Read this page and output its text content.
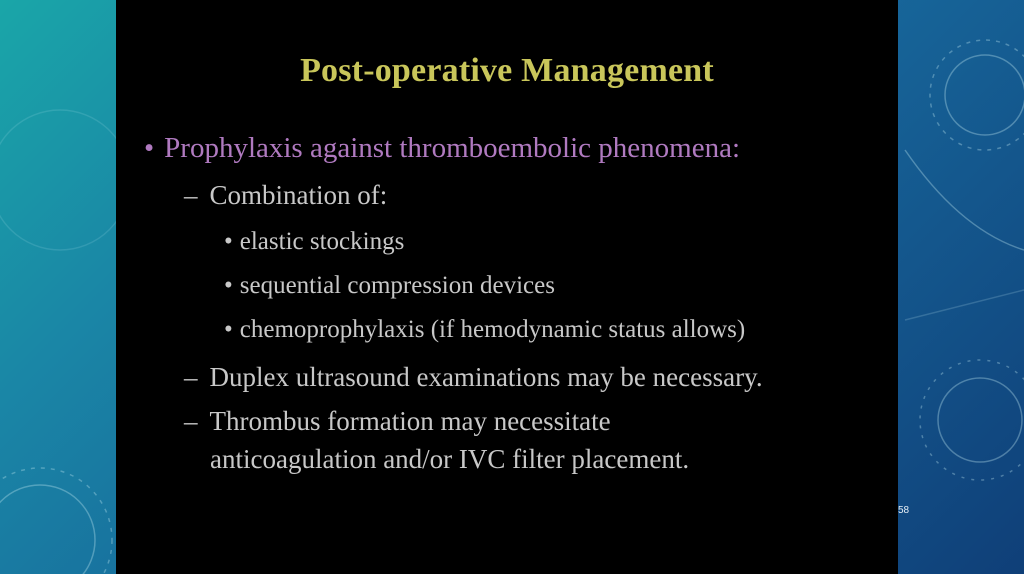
Post-operative Management
• Prophylaxis against thromboembolic phenomena:
– Combination of:
• elastic stockings
• sequential compression devices
• chemoprophylaxis (if hemodynamic status allows)
– Duplex ultrasound examinations may be necessary.
– Thrombus formation may necessitate
anticoagulation and/or IVC filter placement.
58
